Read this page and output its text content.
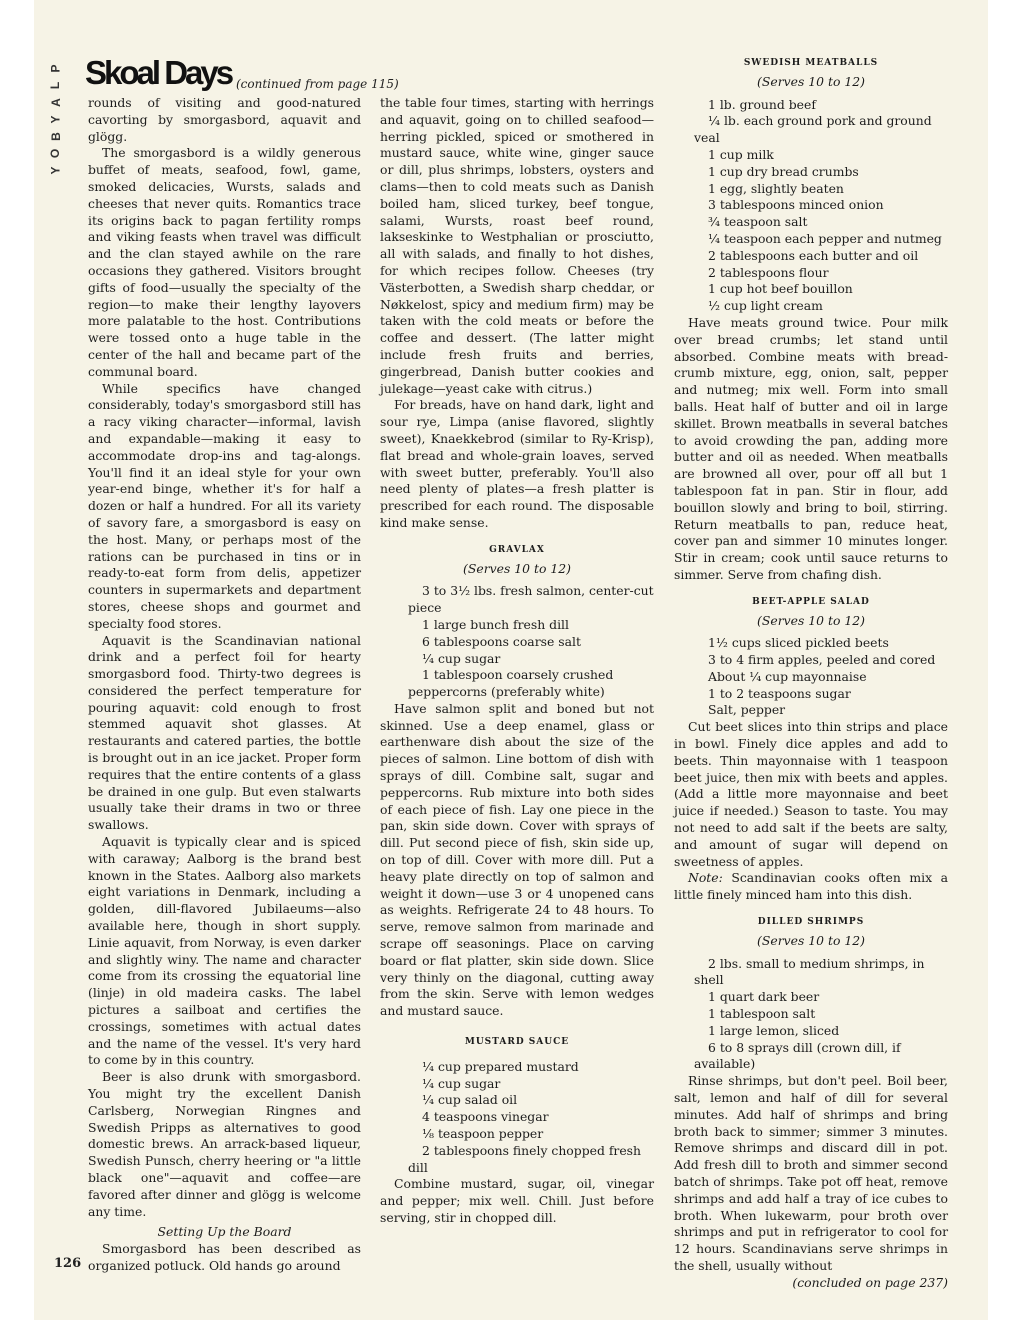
P
L
A
Y
B
O
Y
Skoal Days (continued from page 115)

rounds of visiting and good-natured cavorting by smorgasbord, aquavit and glögg.

The smorgasbord is a wildly generous buffet of meats, seafood, fowl, game, smoked delicacies, Wursts, salads and cheeses that never quits. Romantics trace its origins back to pagan fertility romps and viking feasts when travel was difficult and the clan stayed awhile on the rare occasions they gathered. Visitors brought gifts of food—usually the specialty of the region—to make their lengthy layovers more palatable to the host. Contributions were tossed onto a huge table in the center of the hall and became part of the communal board.

While specifics have changed considerably, today's smorgasbord still has a racy viking character—informal, lavish and expandable—making it easy to accommodate drop-ins and tag-alongs. You'll find it an ideal style for your own year-end binge, whether it's for half a dozen or half a hundred. For all its variety of savory fare, a smorgasbord is easy on the host. Many, or perhaps most of the rations can be purchased in tins or in ready-to-eat form from delis, appetizer counters in supermarkets and department stores, cheese shops and gourmet and specialty food stores.

Aquavit is the Scandinavian national drink and a perfect foil for hearty smorgasbord food. Thirty-two degrees is considered the perfect temperature for pouring aquavit: cold enough to frost stemmed aquavit shot glasses. At restaurants and catered parties, the bottle is brought out in an ice jacket. Proper form requires that the entire contents of a glass be drained in one gulp. But even stalwarts usually take their drams in two or three swallows.

Aquavit is typically clear and is spiced with caraway; Aalborg is the brand best known in the States. Aalborg also markets eight variations in Denmark, including a golden, dill-flavored Jubilaeums—also available here, though in short supply. Linie aquavit, from Norway, is even darker and slightly winy. The name and character come from its crossing the equatorial line (linje) in old madeira casks. The label pictures a sailboat and certifies the crossings, sometimes with actual dates and the name of the vessel. It's very hard to come by in this country.

Beer is also drunk with smorgasbord. You might try the excellent Danish Carlsberg, Norwegian Ringnes and Swedish Pripps as alternatives to good domestic brews. An arrack-based liqueur, Swedish Punsch, cherry heering or "a little black one"—aquavit and coffee—are favored after dinner and glögg is welcome any time.

Setting Up the Board

Smorgasbord has been described as organized potluck. Old hands go around

the table four times, starting with herrings and aquavit, going on to chilled seafood—herring pickled, spiced or smothered in mustard sauce, white wine, ginger sauce or dill, plus shrimps, lobsters, oysters and clams—then to cold meats such as Danish boiled ham, sliced turkey, beef tongue, salami, Wursts, roast beef round, lakseskinke to Westphalian or prosciutto, all with salads, and finally to hot dishes, for which recipes follow. Cheeses (try Västerbotten, a Swedish sharp cheddar, or Nøkkelost, spicy and medium firm) may be taken with the cold meats or before the coffee and dessert. (The latter might include fresh fruits and berries, gingerbread, Danish butter cookies and julekage—yeast cake with citrus.)

For breads, have on hand dark, light and sour rye, Limpa (anise flavored, slightly sweet), Knaekkebrod (similar to Ry-Krisp), flat bread and whole-grain loaves, served with sweet butter, preferably. You'll also need plenty of plates—a fresh platter is prescribed for each round. The disposable kind make sense.

GRAVLAX
(Serves 10 to 12)

3 to 3½ lbs. fresh salmon, center-cut piece

1 large bunch fresh dill

6 tablespoons coarse salt

¼ cup sugar

1 tablespoon coarsely crushed peppercorns (preferably white)

Have salmon split and boned but not skinned. Use a deep enamel, glass or earthenware dish about the size of the pieces of salmon. Line bottom of dish with sprays of dill. Combine salt, sugar and peppercorns. Rub mixture into both sides of each piece of fish. Lay one piece in the pan, skin side down. Cover with sprays of dill. Put second piece of fish, skin side up, on top of dill. Cover with more dill. Put a heavy plate directly on top of salmon and weight it down—use 3 or 4 unopened cans as weights. Refrigerate 24 to 48 hours. To serve, remove salmon from marinade and scrape off seasonings. Place on carving board or flat platter, skin side down. Slice very thinly on the diagonal, cutting away from the skin. Serve with lemon wedges and mustard sauce.

MUSTARD SAUCE

¼ cup prepared mustard

¼ cup sugar

¼ cup salad oil

4 teaspoons vinegar

⅛ teaspoon pepper

2 tablespoons finely chopped fresh dill

Combine mustard, sugar, oil, vinegar and pepper; mix well. Chill. Just before serving, stir in chopped dill.

SWEDISH MEATBALLS
(Serves 10 to 12)

1 lb. ground beef

¼ lb. each ground pork and ground veal

1 cup milk

1 cup dry bread crumbs

1 egg, slightly beaten

3 tablespoons minced onion

¾ teaspoon salt

¼ teaspoon each pepper and nutmeg

2 tablespoons each butter and oil

2 tablespoons flour

1 cup hot beef bouillon

½ cup light cream

Have meats ground twice. Pour milk over bread crumbs; let stand until absorbed. Combine meats with bread-crumb mixture, egg, onion, salt, pepper and nutmeg; mix well. Form into small balls. Heat half of butter and oil in large skillet. Brown meatballs in several batches to avoid crowding the pan, adding more butter and oil as needed. When meatballs are browned all over, pour off all but 1 tablespoon fat in pan. Stir in flour, add bouillon slowly and bring to boil, stirring. Return meatballs to pan, reduce heat, cover pan and simmer 10 minutes longer. Stir in cream; cook until sauce returns to simmer. Serve from chafing dish.

BEET-APPLE SALAD
(Serves 10 to 12)

1½ cups sliced pickled beets

3 to 4 firm apples, peeled and cored

About ¼ cup mayonnaise

1 to 2 teaspoons sugar

Salt, pepper

Cut beet slices into thin strips and place in bowl. Finely dice apples and add to beets. Thin mayonnaise with 1 teaspoon beet juice, then mix with beets and apples. (Add a little more mayonnaise and beet juice if needed.) Season to taste. You may not need to add salt if the beets are salty, and amount of sugar will depend on sweetness of apples.

Note: Scandinavian cooks often mix a little finely minced ham into this dish.

DILLED SHRIMPS
(Serves 10 to 12)

2 lbs. small to medium shrimps, in shell

1 quart dark beer

1 tablespoon salt

1 large lemon, sliced

6 to 8 sprays dill (crown dill, if available)

Rinse shrimps, but don't peel. Boil beer, salt, lemon and half of dill for several minutes. Add half of shrimps and bring broth back to simmer; simmer 3 minutes. Remove shrimps and discard dill in pot. Add fresh dill to broth and simmer second batch of shrimps. Take pot off heat, remove shrimps and add half a tray of ice cubes to broth. When lukewarm, pour broth over shrimps and put in refrigerator to cool for 12 hours. Scandinavians serve shrimps in the shell, usually without

(concluded on page 237)

126
